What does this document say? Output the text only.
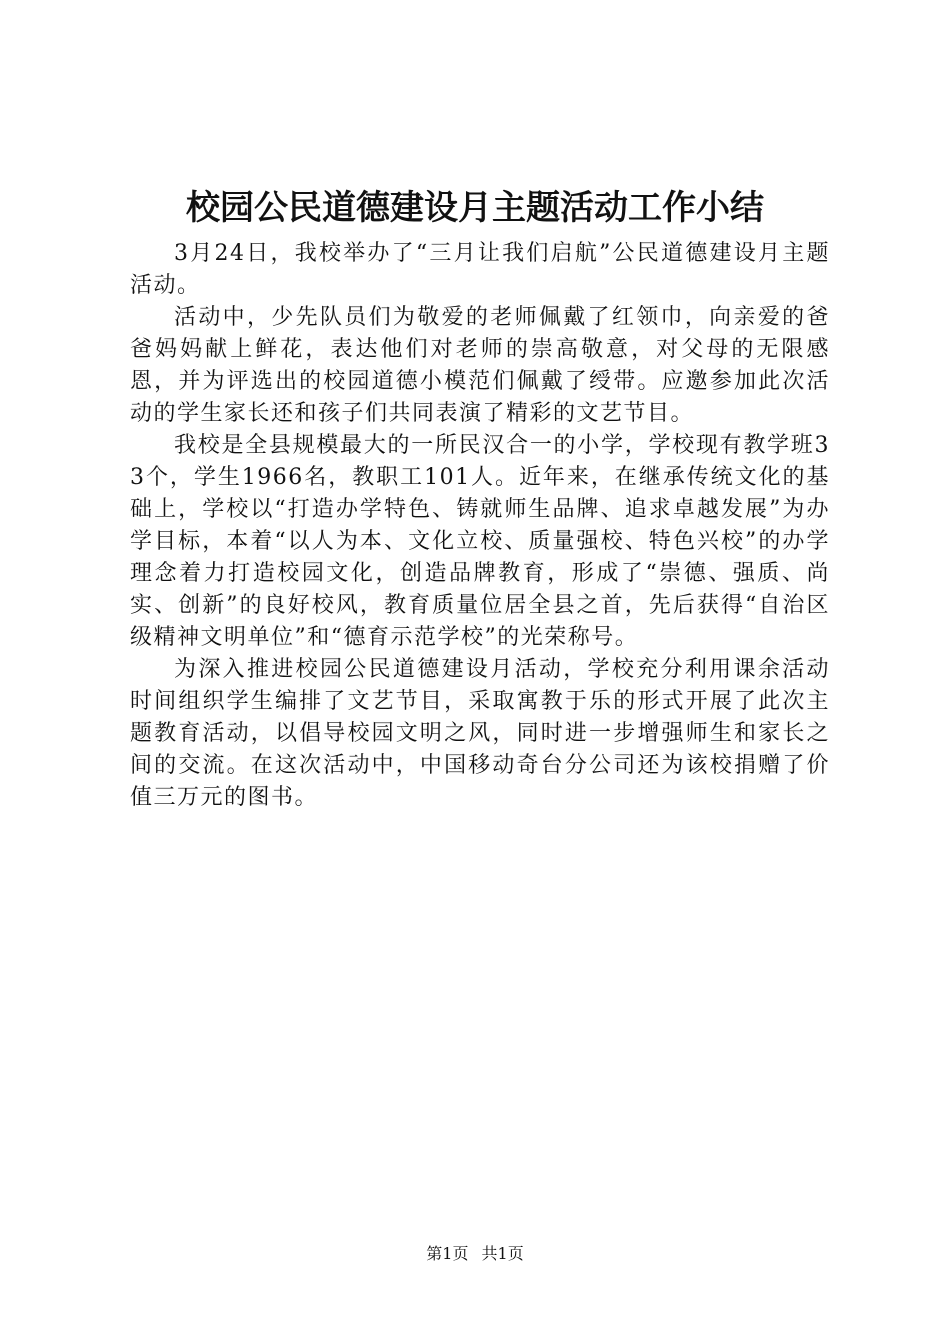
校园公民道德建设月主题活动工作小结

3月24日，我校举办了“三月让我们启航”公民道德建设月主题活动。

活动中，少先队员们为敬爱的老师佩戴了红领巾，向亲爱的爸爸妈妈献上鲜花，表达他们对老师的崇高敬意，对父母的无限感恩，并为评选出的校园道德小模范们佩戴了绶带。应邀参加此次活动的学生家长还和孩子们共同表演了精彩的文艺节目。

我校是全县规模最大的一所民汉合一的小学，学校现有教学班33个，学生1966名，教职工101人。近年来，在继承传统文化的基础上，学校以“打造办学特色、铸就师生品牌、追求卓越发展”为办学目标，本着“以人为本、文化立校、质量强校、特色兴校”的办学理念着力打造校园文化，创造品牌教育，形成了“崇德、强质、尚实、创新”的良好校风，教育质量位居全县之首，先后获得“自治区级精神文明单位”和“德育示范学校”的光荣称号。

为深入推进校园公民道德建设月活动，学校充分利用课余活动时间组织学生编排了文艺节目，采取寓教于乐的形式开展了此次主题教育活动，以倡导校园文明之风，同时进一步增强师生和家长之间的交流。在这次活动中，中国移动奇台分公司还为该校捐赠了价值三万元的图书。

第1页 共1页
